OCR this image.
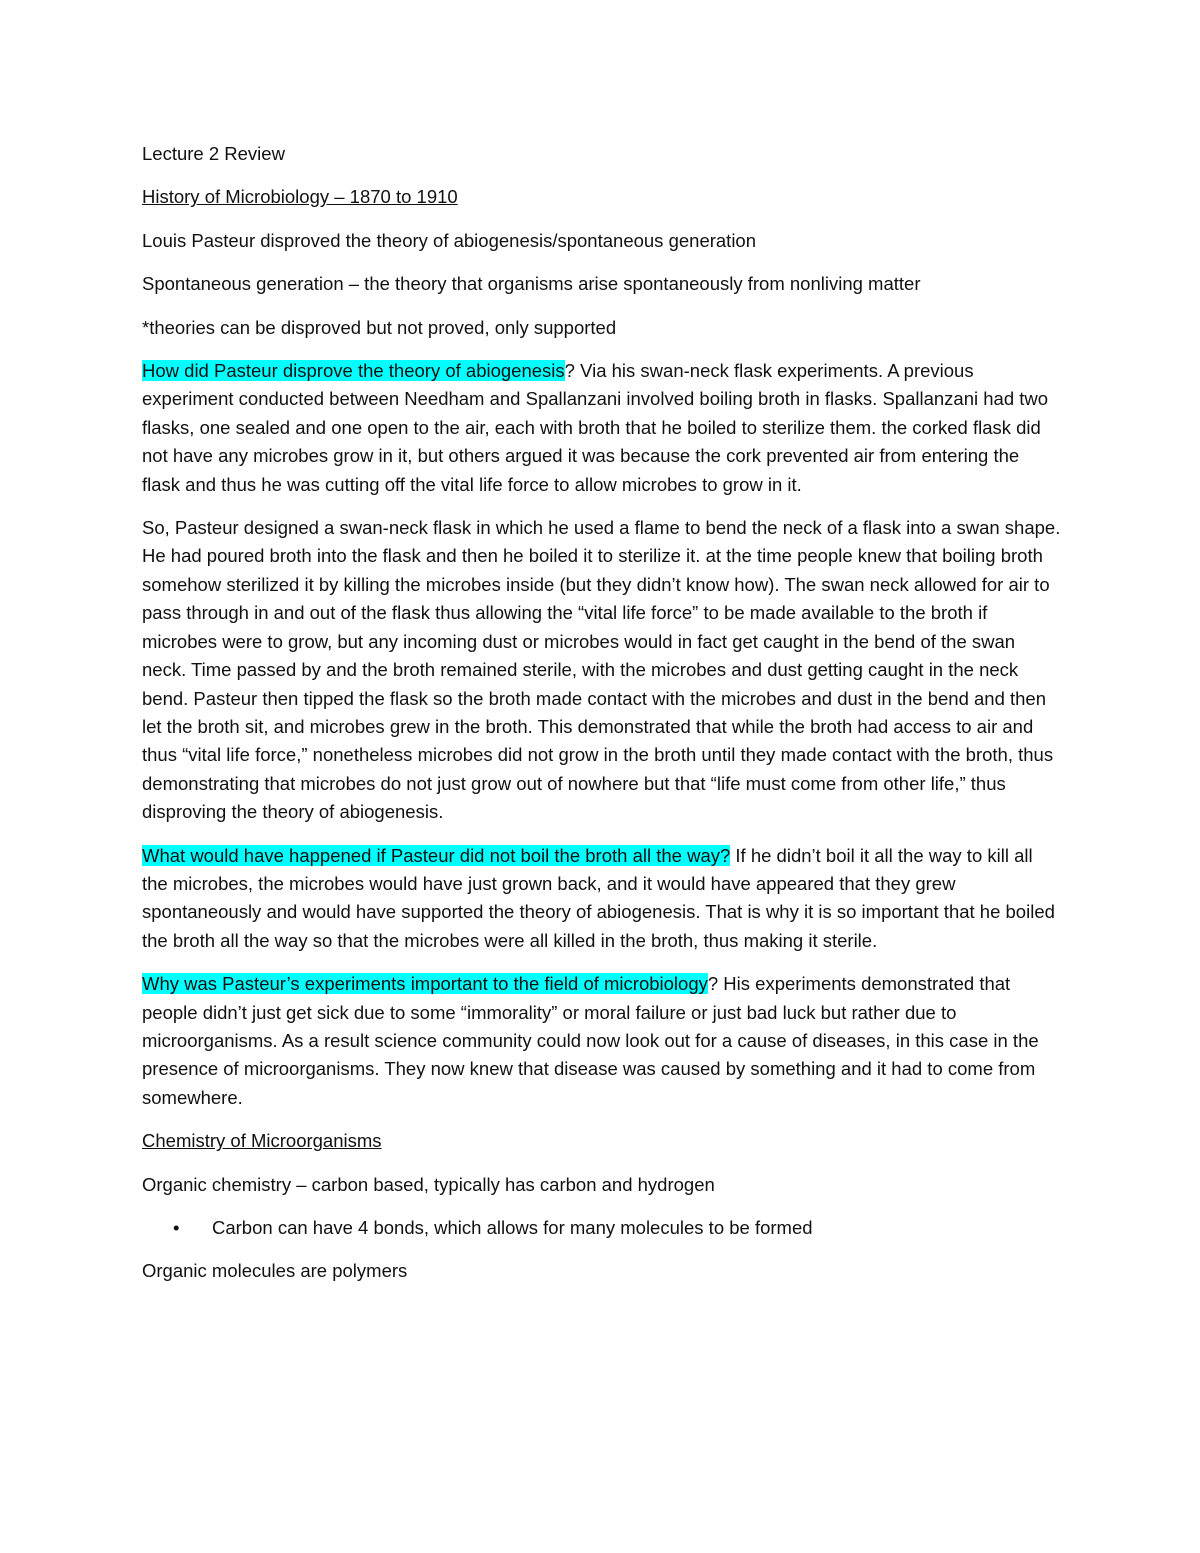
Lecture 2 Review

History of Microbiology – 1870 to 1910

Louis Pasteur disproved the theory of abiogenesis/spontaneous generation

Spontaneous generation – the theory that organisms arise spontaneously from nonliving matter

*theories can be disproved but not proved, only supported

How did Pasteur disprove the theory of abiogenesis? Via his swan-neck flask experiments. A previous experiment conducted between Needham and Spallanzani involved boiling broth in flasks. Spallanzani had two flasks, one sealed and one open to the air, each with broth that he boiled to sterilize them. the corked flask did not have any microbes grow in it, but others argued it was because the cork prevented air from entering the flask and thus he was cutting off the vital life force to allow microbes to grow in it.

So, Pasteur designed a swan-neck flask in which he used a flame to bend the neck of a flask into a swan shape. He had poured broth into the flask and then he boiled it to sterilize it. at the time people knew that boiling broth somehow sterilized it by killing the microbes inside (but they didn’t know how). The swan neck allowed for air to pass through in and out of the flask thus allowing the “vital life force” to be made available to the broth if microbes were to grow, but any incoming dust or microbes would in fact get caught in the bend of the swan neck. Time passed by and the broth remained sterile, with the microbes and dust getting caught in the neck bend. Pasteur then tipped the flask so the broth made contact with the microbes and dust in the bend and then let the broth sit, and microbes grew in the broth. This demonstrated that while the broth had access to air and thus “vital life force,” nonetheless microbes did not grow in the broth until they made contact with the broth, thus demonstrating that microbes do not just grow out of nowhere but that “life must come from other life,” thus disproving the theory of abiogenesis.

What would have happened if Pasteur did not boil the broth all the way? If he didn’t boil it all the way to kill all the microbes, the microbes would have just grown back, and it would have appeared that they grew spontaneously and would have supported the theory of abiogenesis. That is why it is so important that he boiled the broth all the way so that the microbes were all killed in the broth, thus making it sterile.

Why was Pasteur’s experiments important to the field of microbiology? His experiments demonstrated that people didn’t just get sick due to some “immorality” or moral failure or just bad luck but rather due to microorganisms. As a result science community could now look out for a cause of diseases, in this case in the presence of microorganisms. They now knew that disease was caused by something and it had to come from somewhere.

Chemistry of Microorganisms

Organic chemistry – carbon based, typically has carbon and hydrogen

• Carbon can have 4 bonds, which allows for many molecules to be formed

Organic molecules are polymers
